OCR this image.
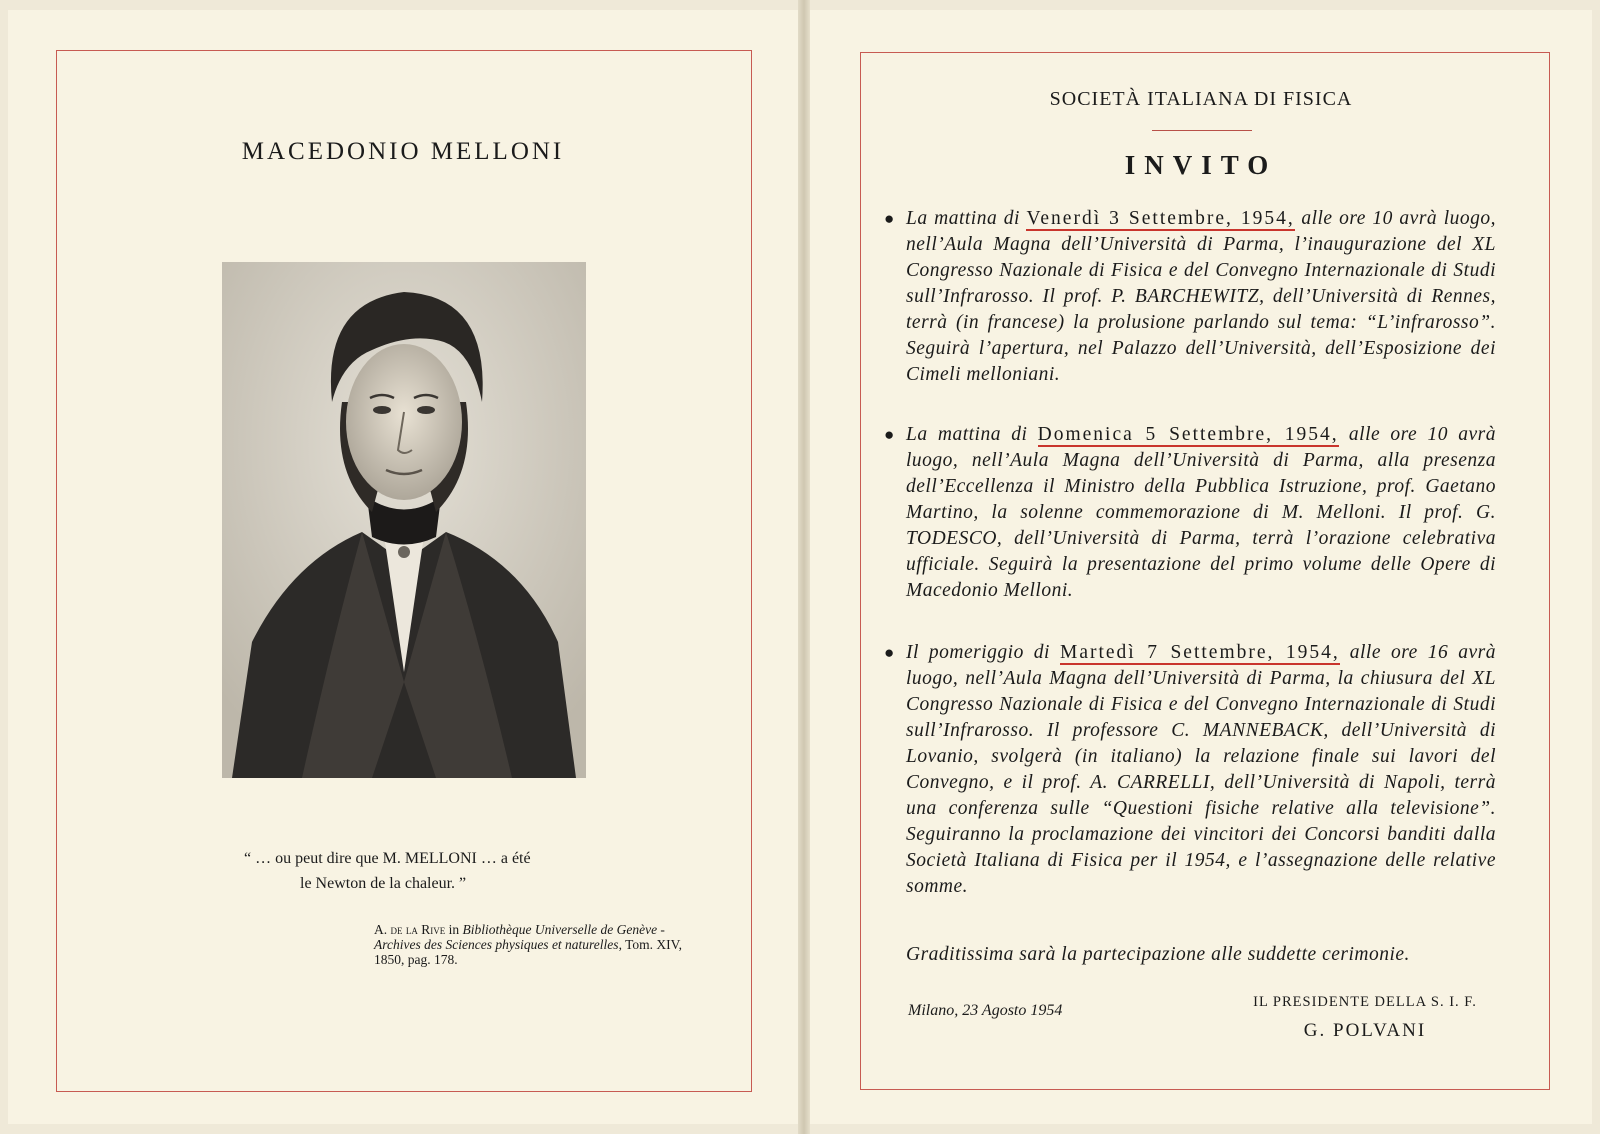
MACEDONIO MELLONI
“ … ou peut dire que M. MELLONI … a été
le Newton de la chaleur. ”
A. de la Rive in Bibliothèque Universelle de Genève - Archives des Sciences physiques et naturelles, Tom. XIV, 1850, pag. 178.
SOCIETÀ ITALIANA DI FISICA
INVITO
● La mattina di Venerdì 3 Settembre, 1954, alle ore 10 avrà luogo, nell’Aula Magna dell’Università di Parma, l’inaugurazione del XL Congresso Nazionale di Fisica e del Convegno Internazionale di Studi sull’Infrarosso. Il prof. P. BARCHEWITZ, dell’Università di Rennes, terrà (in francese) la prolusione parlando sul tema: “L’infrarosso”. Seguirà l’apertura, nel Palazzo dell’Università, dell’Esposizione dei Cimeli melloniani.
● La mattina di Domenica 5 Settembre, 1954, alle ore 10 avrà luogo, nell’Aula Magna dell’Università di Parma, alla presenza dell’Eccellenza il Ministro della Pubblica Istruzione, prof. Gaetano Martino, la solenne commemorazione di M. Melloni. Il prof. G. TODESCO, dell’Università di Parma, terrà l’orazione celebrativa ufficiale. Seguirà la presentazione del primo volume delle Opere di Macedonio Melloni.
● Il pomeriggio di Martedì 7 Settembre, 1954, alle ore 16 avrà luogo, nell’Aula Magna dell’Università di Parma, la chiusura del XL Congresso Nazionale di Fisica e del Convegno Internazionale di Studi sull’Infrarosso. Il professore C. MANNEBACK, dell’Università di Lovanio, svolgerà (in italiano) la relazione finale sui lavori del Convegno, e il prof. A. CARRELLI, dell’Università di Napoli, terrà una conferenza sulle “Questioni fisiche relative alla televisione”. Seguiranno la proclamazione dei vincitori dei Concorsi banditi dalla Società Italiana di Fisica per il 1954, e l’assegnazione delle relative somme.
Graditissima sarà la partecipazione alle suddette cerimonie.
Milano, 23 Agosto 1954	IL PRESIDENTE DELLA S. I. F.
G. POLVANI
